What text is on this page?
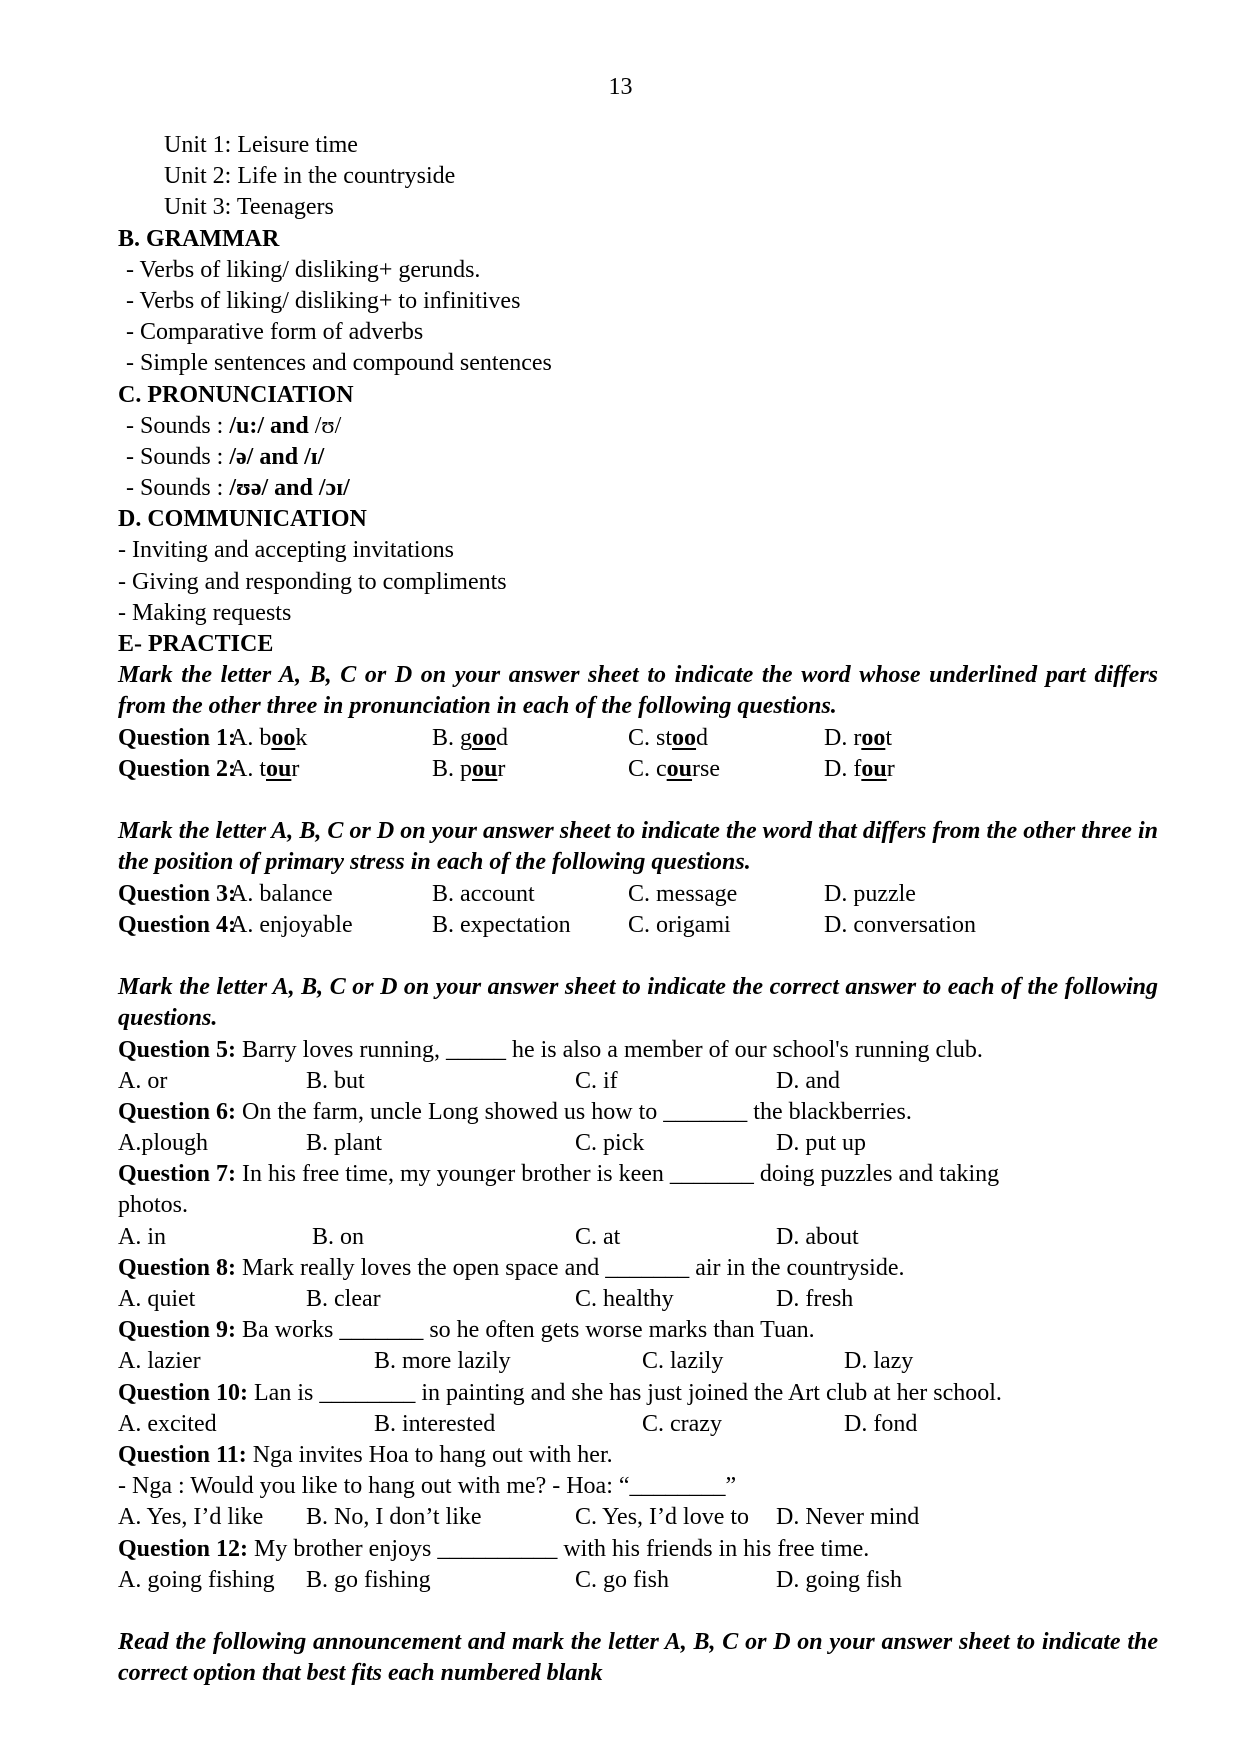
13
Unit 1: Leisure time
Unit 2: Life in the countryside
Unit 3: Teenagers
B. GRAMMAR
- Verbs of liking/ disliking+ gerunds.
- Verbs of liking/ disliking+ to infinitives
- Comparative form of adverbs
- Simple sentences and compound sentences
C. PRONUNCIATION
- Sounds : /u:/ and /ʊ/
- Sounds : /ə/ and /ɪ/
- Sounds : /ʊə/ and /ɔɪ/
D. COMMUNICATION
- Inviting and accepting invitations
- Giving and responding to compliments
- Making requests
E- PRACTICE
Mark the letter A, B, C or D on your answer sheet to indicate the word whose underlined part differs from the other three in pronunciation in each of the following questions.
Question 1:
A. book	B. good	C. stood	D. root
Question 2:
A. tour	B. pour	C. course	D. four
Mark the letter A, B, C or D on your answer sheet to indicate the word that differs from the other three in the position of primary stress in each of the following questions.
Question 3:
A. balance	B. account	C. message	D. puzzle
Question 4:
A. enjoyable	B. expectation C. origami	D. conversation
Mark the letter A, B, C or D on your answer sheet to indicate the correct answer to each of the following questions.
Question 5: Barry loves running, _____ he is also a member of our school's running club.
A. or	B. but	C. if	D. and
Question 6: On the farm, uncle Long showed us how to _______ the blackberries.
A.plough	B. plant	C. pick	D. put up
Question 7: In his free time, my younger brother is keen _______ doing puzzles and taking
photos.
A. in	B. on	C. at	D. about
Question 8: Mark really loves the open space and _______ air in the countryside.
A. quiet	B. clear	C. healthy	D. fresh
Question 9: Ba works _______ so he often gets worse marks than Tuan.
A. lazier	B. more lazily	C. lazily	D. lazy
Question 10: Lan is ________ in painting and she has just joined the Art club at her school.
A. excited	B. interested	C. crazy	D. fond
Question 11: Nga invites Hoa to hang out with her.
- Nga : Would you like to hang out with me? - Hoa: “________”
A. Yes, I’d like B. No, I don’t like	C. Yes, I’d love to D. Never mind
Question 12: My brother enjoys __________ with his friends in his free time.
A. going fishing B. go fishing	C. go fish	D. going fish
Read the following announcement and mark the letter A, B, C or D on your answer sheet to indicate the correct option that best fits each numbered blank
